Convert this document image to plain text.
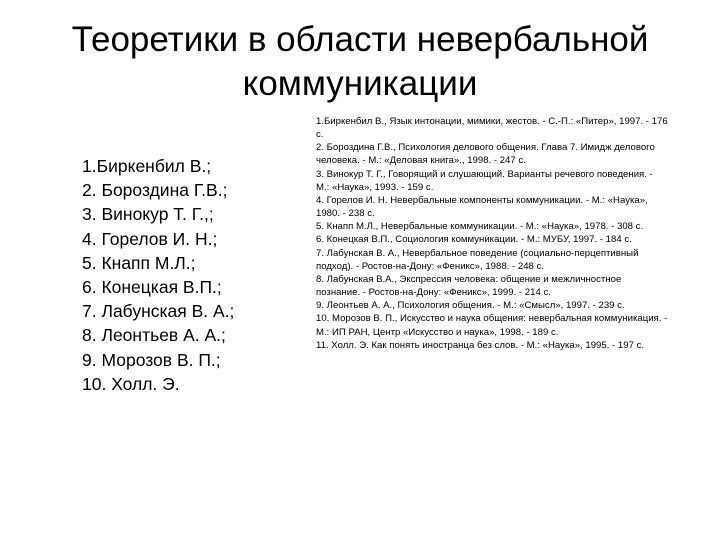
Теоретики в области невербальной
коммуникации
1.Биркенбил В.;
2. Бороздина Г.В.;
3. Винокур Т. Г.,;
4. Горелов И. Н.;
5. Кнапп М.Л.;
6. Конецкая В.П.;
7. Лабунская В. А.;
8. Леонтьев А. А.;
9. Морозов В. П.;
10. Холл. Э.
1.Биркенбил В., Язык интонации, мимики, жестов. - С.-П.: «Питер», 1997. - 176 с.
2. Бороздина Г.В., Психология делового общения. Глава 7. Имидж делового человека. - М.: «Деловая книга»., 1998. - 247 с.
3. Винокур Т. Г., Говорящий и слушающий. Варианты речевого поведения. - М.: «Наука», 1993. - 159 с.
4. Горелов И. Н. Невербальные компоненты коммуникации. - М.: «Наука», 1980. - 238 с.
5. Кнапп М.Л., Невербальные коммуникации. - М.: «Наука», 1978. - 308 с.
6. Конецкая В.П., Социология коммуникации. - М.: МУБУ, 1997. - 184 с.
7. Лабунская В. А., Невербальное поведение (социально-перцептивный подход). - Ростов-на-Дону: «Феникс», 1988. - 248 с.
8. Лабунская В.А., Экспрессия человека: общение и межличностное познание. - Ростов-на-Дону: «Феникс», 1999. - 214 с.
9. Леонтьев А. А., Психология общения. - М.: «Смысл», 1997. - 239 с.
10. Морозов В. П., Искусство и наука общения: невербальная коммуникация. - М.: ИП РАН, Центр «Искусство и наука», 1998. - 189 с.
11. Холл. Э. Как понять иностранца без слов. - М.: «Наука», 1995. - 197 с.
